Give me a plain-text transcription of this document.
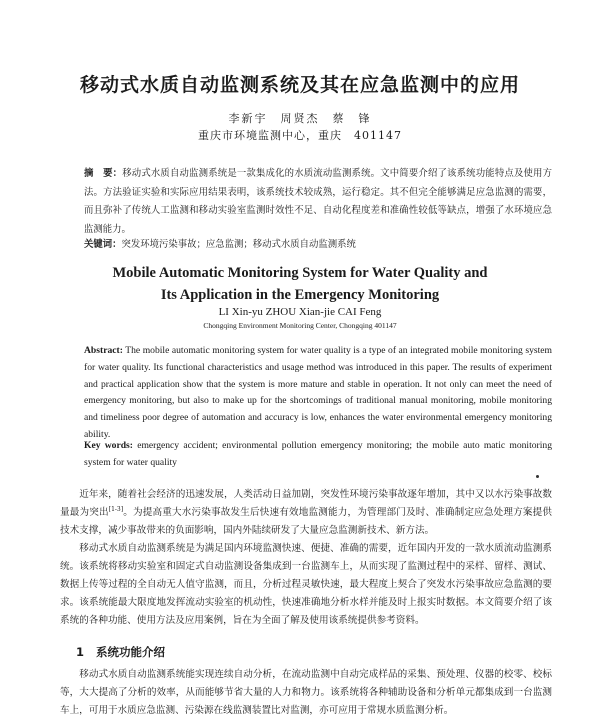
移动式水质自动监测系统及其在应急监测中的应用
李新宇　周贤杰　蔡　锋
重庆市环境监测中心，重庆　401147
摘　要：移动式水质自动监测系统是一款集成化的水质流动监测系统。文中简要介绍了该系统功能特点及使用方法。方法验证实验和实际应用结果表明，该系统技术较成熟，运行稳定。其不但完全能够满足应急监测的需要，而且弥补了传统人工监测和移动实验室监测时效性不足、自动化程度差和准确性较低等缺点，增强了水环境应急监测能力。
关键词：突发环境污染事故；应急监测；移动式水质自动监测系统
Mobile Automatic Monitoring System for Water Quality and
Its Application in the Emergency Monitoring
LI Xin-yu ZHOU Xian-jie CAI Feng
Chongqing Environment Monitoring Center, Chongqing 401147
Abstract: The mobile automatic monitoring system for water quality is a type of an integrated mobile monitoring system for water quality. Its functional characteristics and usage method was introduced in this paper. The results of experiment and practical application show that the system is more mature and stable in operation. It not only can meet the need of emergency monitoring, but also to make up for the shortcomings of traditional manual monitoring, mobile monitoring and timeliness poor degree of automation and accuracy is low, enhances the water environmental emergency monitoring ability.
Key words: emergency accident; environmental pollution emergency monitoring; the mobile auto matic monitoring system for water quality
近年来，随着社会经济的迅速发展，人类活动日益加剧，突发性环境污染事故逐年增加，其中又以水污染事故数量最为突出[1-3]。为提高重大水污染事故发生后快速有效地监测能力，为管理部门及时、准确制定应急处理方案提供技术支撑，减少事故带来的负面影响，国内外陆续研发了大量应急监测新技术、新方法。
移动式水质自动监测系统是为满足国内环境监测快速、便捷、准确的需要，近年国内开发的一款水质流动监测系统。该系统将移动实验室和固定式自动监测设备集成到一台监测车上，从而实现了监测过程中的采样、留样、测试、数据上传等过程的全自动无人值守监测，而且，分析过程灵敏快速，最大程度上契合了突发水污染事故应急监测的要求。该系统能最大限度地发挥流动实验室的机动性，快速准确地分析水样并能及时上报实时数据。本文简要介绍了该系统的各种功能、使用方法及应用案例，旨在为全面了解及使用该系统提供参考资料。
1 系统功能介绍
移动式水质自动监测系统能实现连续自动分析，在流动监测中自动完成样品的采集、预处理、仪器的校零、校标等，大大提高了分析的效率，从而能够节省大量的人力和物力。该系统将各种辅助设备和分析单元都集成到一台监测车上，可用于水质应急监测、污染源在线监测装置比对监测，亦可应用于常规水质监测分析。
